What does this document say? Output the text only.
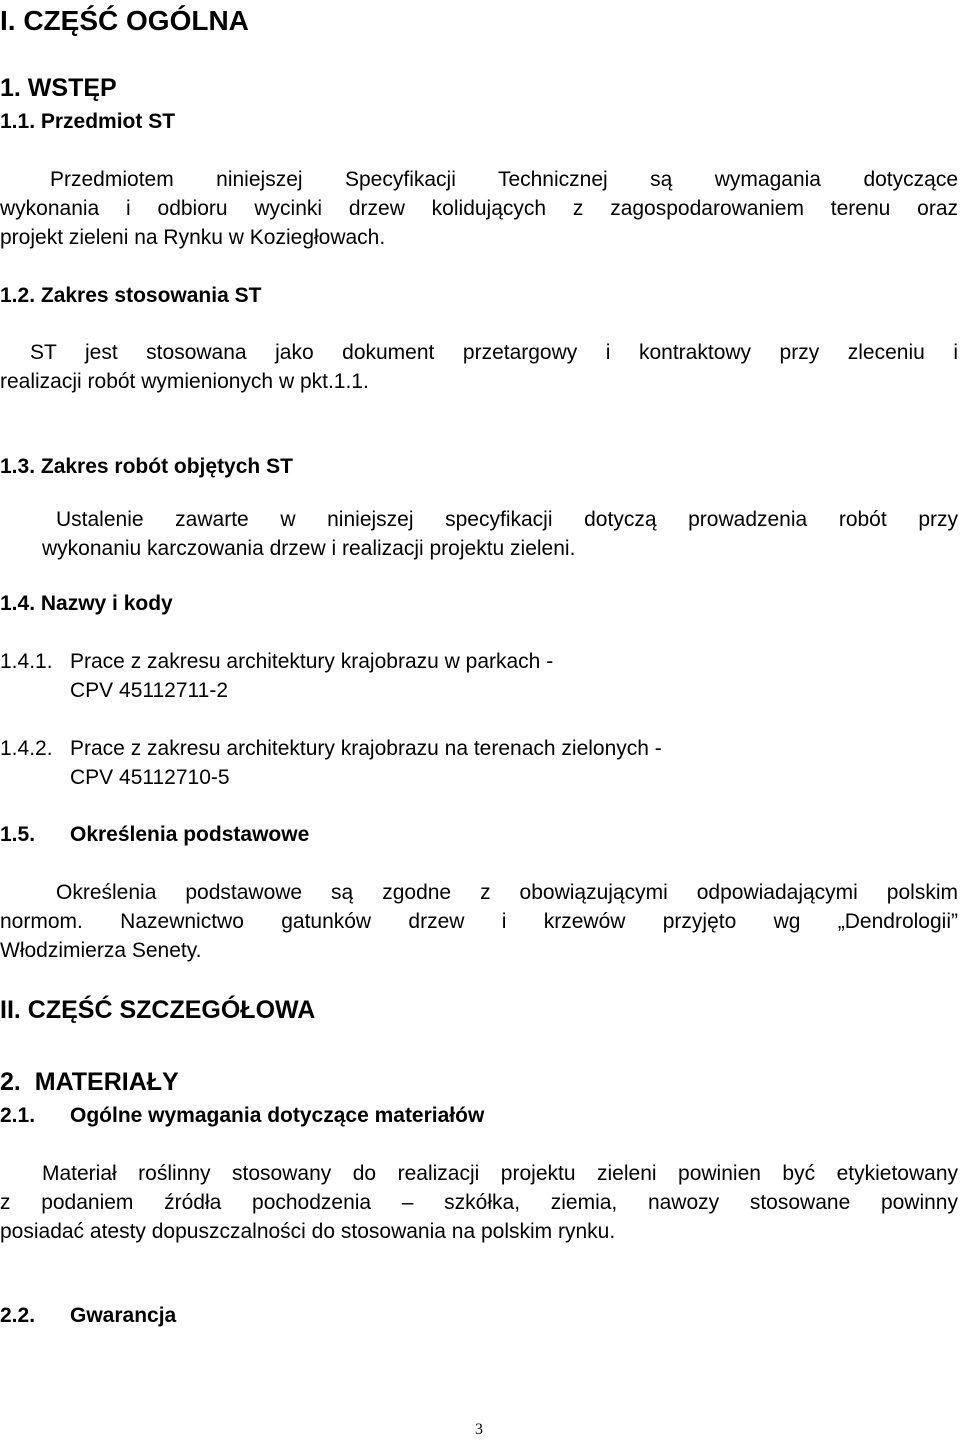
I. CZĘŚĆ OGÓLNA
1. WSTĘP
1.1. Przedmiot ST
Przedmiotem niniejszej Specyfikacji Technicznej są wymagania dotyczące
wykonania i odbioru wycinki drzew kolidujących z zagospodarowaniem terenu oraz
projekt zieleni na Rynku w Koziegłowach.
1.2. Zakres stosowania ST
ST jest stosowana jako dokument przetargowy i kontraktowy przy zleceniu i
realizacji robót wymienionych w pkt.1.1.
1.3. Zakres robót objętych ST
Ustalenie zawarte w niniejszej specyfikacji dotyczą prowadzenia robót przy
wykonaniu karczowania drzew i realizacji projektu zieleni.
1.4. Nazwy i kody
1.4.1. Prace z zakresu architektury krajobrazu w parkach -
CPV 45112711-2
1.4.2. Prace z zakresu architektury krajobrazu na terenach zielonych -
CPV 45112710-5
1.5. Określenia podstawowe
Określenia podstawowe są zgodne z obowiązującymi odpowiadającymi polskim
normom. Nazewnictwo gatunków drzew i krzewów przyjęto wg „Dendrologii”
Włodzimierza Senety.
II. CZĘŚĆ SZCZEGÓŁOWA
2.  MATERIAŁY
2.1. Ogólne wymagania dotyczące materiałów
Materiał roślinny stosowany do realizacji projektu zieleni powinien być etykietowany
z podaniem źródła pochodzenia – szkółka, ziemia, nawozy stosowane powinny
posiadać atesty dopuszczalności do stosowania na polskim rynku.
2.2. Gwarancja
3
